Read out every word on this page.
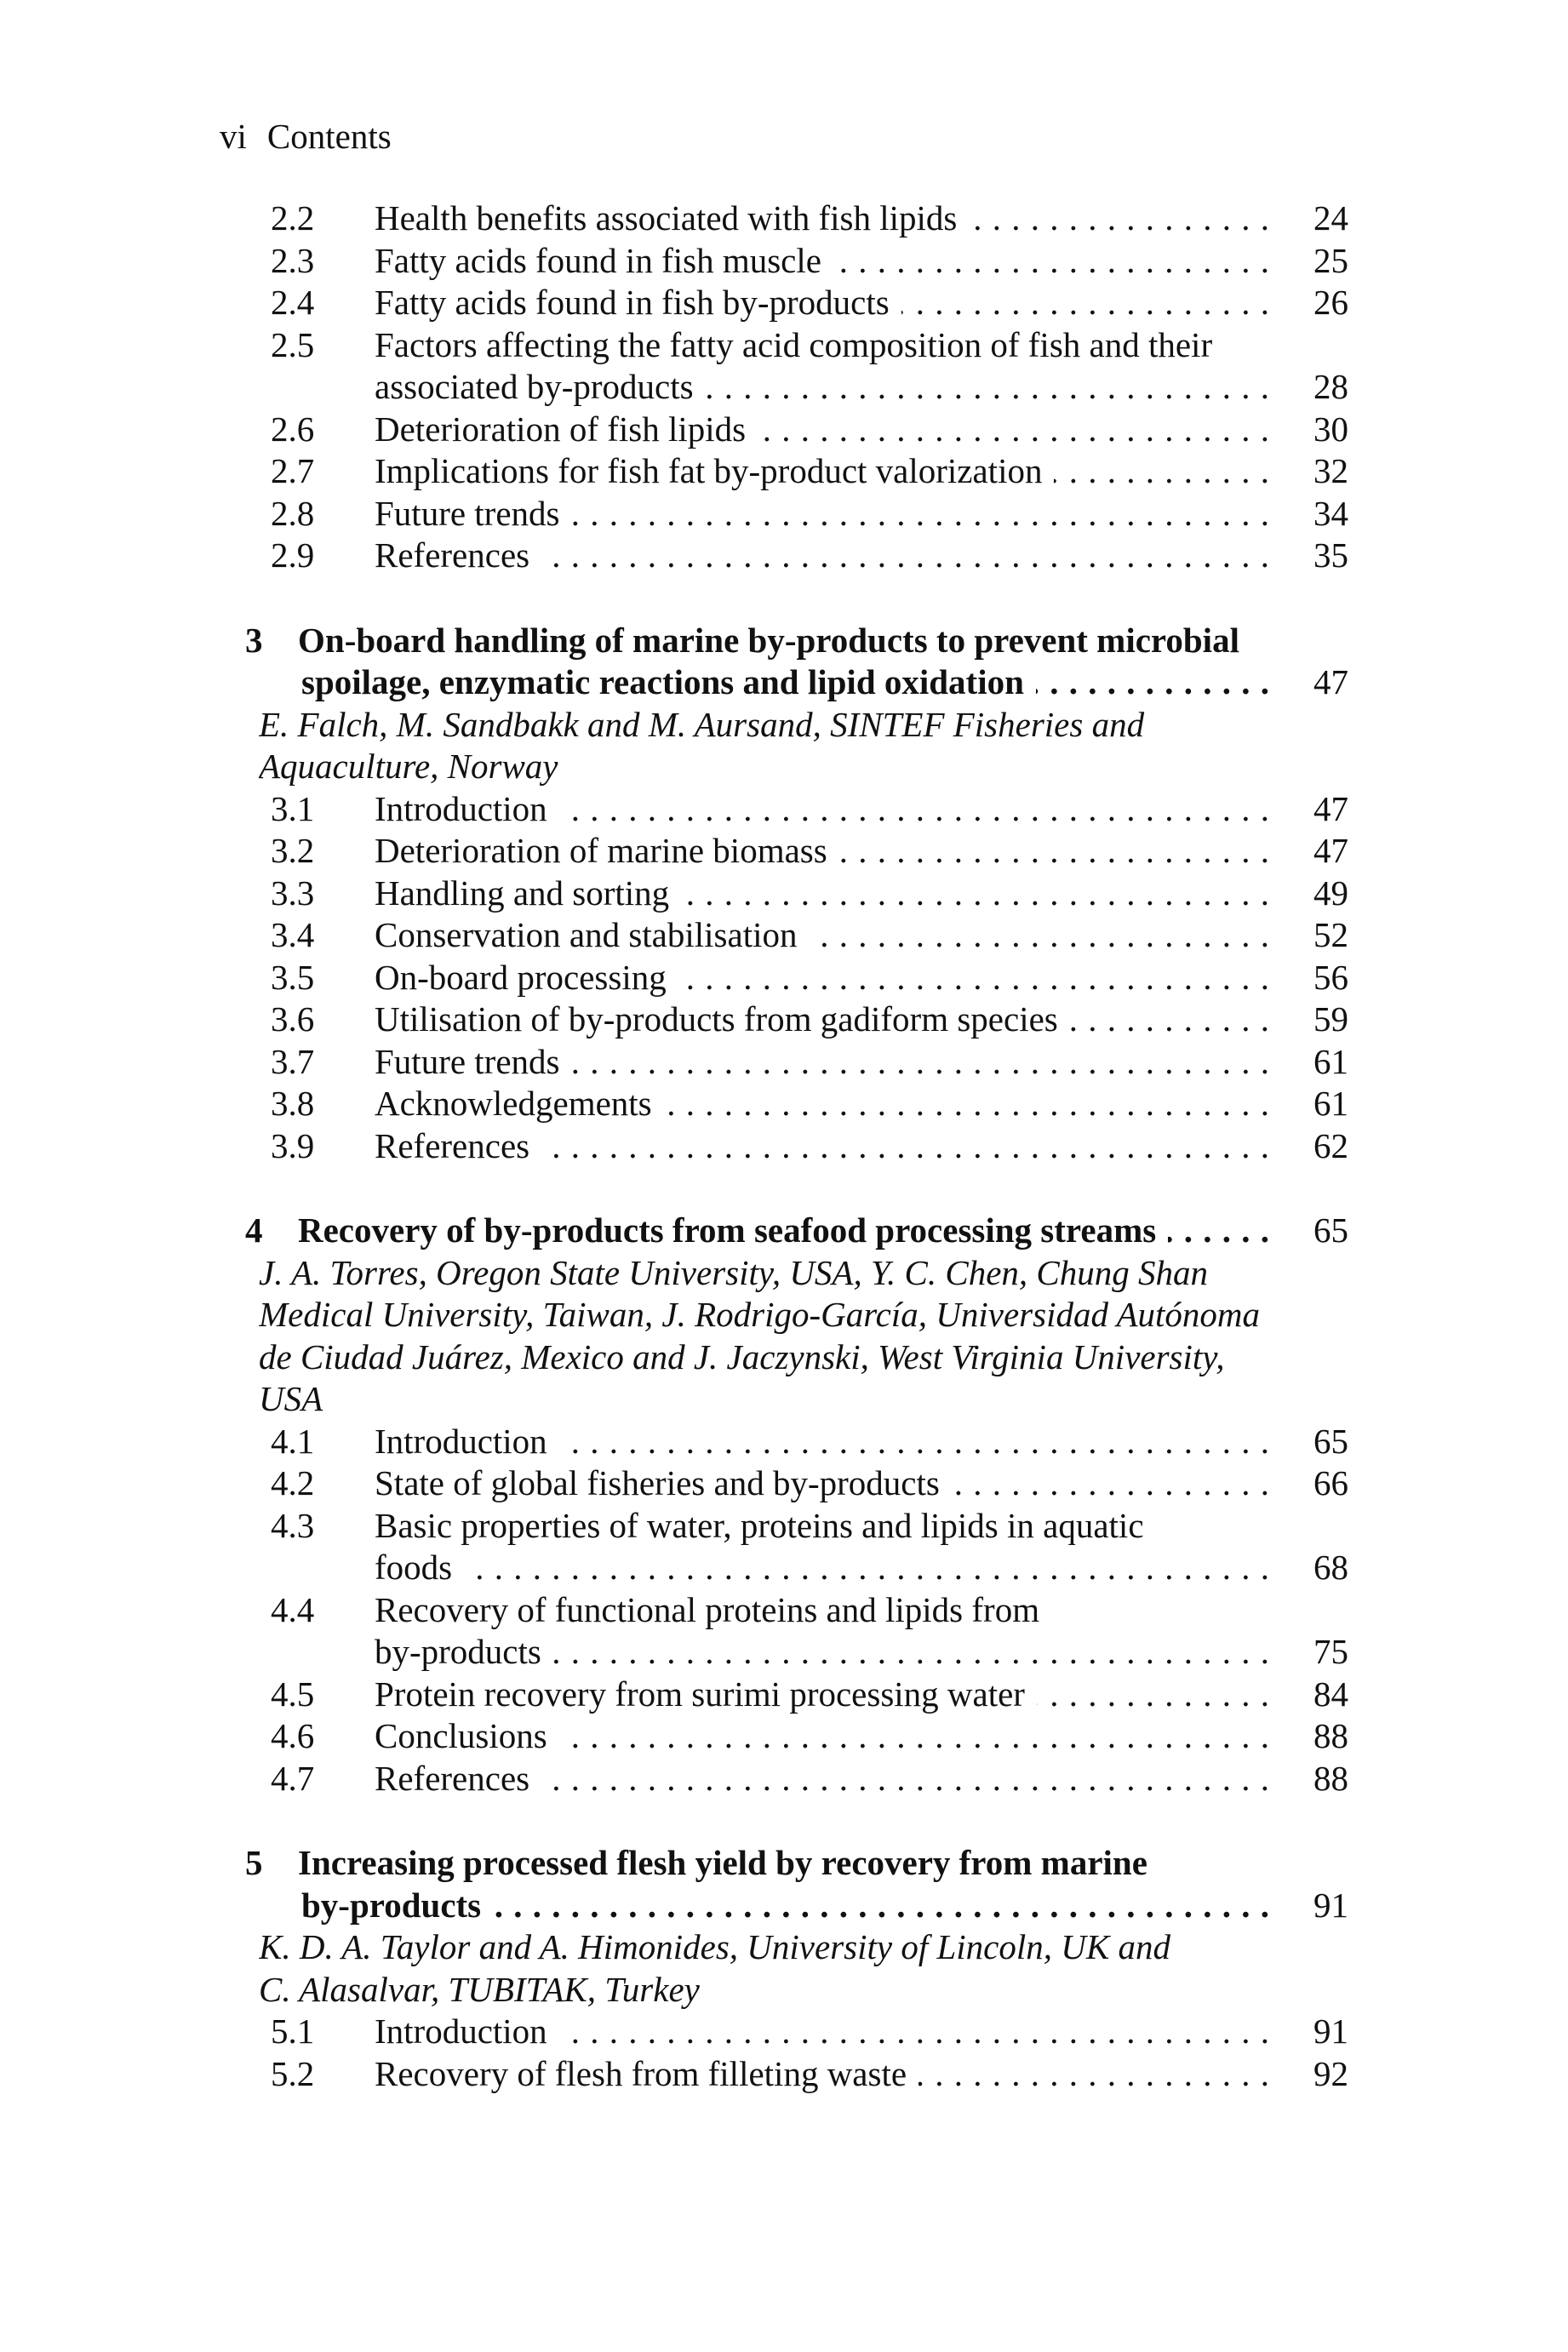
vi Contents
2.2 Health benefits associated with fish lipids . . .	24
2.3 Fatty acids found in fish muscle . . .	25
2.4 Fatty acids found in fish by-products . . .	26
2.5 Factors affecting the fatty acid composition of fish and their
associated by-products . . .	28
2.6 Deterioration of fish lipids . . .	30
2.7 Implications for fish fat by-product valorization . . .	32
2.8 Future trends . . .	34
2.9 References . . .	35
3 On-board handling of marine by-products to prevent microbial
spoilage, enzymatic reactions and lipid oxidation . . .	47
E. Falch, M. Sandbakk and M. Aursand, SINTEF Fisheries and
Aquaculture, Norway
3.1 Introduction . . .	47
3.2 Deterioration of marine biomass . . .	47
3.3 Handling and sorting . . .	49
3.4 Conservation and stabilisation . . .	52
3.5 On-board processing . . .	56
3.6 Utilisation of by-products from gadiform species . . .	59
3.7 Future trends . . .	61
3.8 Acknowledgements . . .	61
3.9 References . . .	62
4 Recovery of by-products from seafood processing streams . . .	65
J. A. Torres, Oregon State University, USA, Y. C. Chen, Chung Shan
Medical University, Taiwan, J. Rodrigo-García, Universidad Autónoma
de Ciudad Juárez, Mexico and J. Jaczynski, West Virginia University,
USA
4.1 Introduction . . .	65
4.2 State of global fisheries and by-products . . .	66
4.3 Basic properties of water, proteins and lipids in aquatic
foods . . .	68
4.4 Recovery of functional proteins and lipids from
by-products . . .	75
4.5 Protein recovery from surimi processing water . . .	84
4.6 Conclusions . . .	88
4.7 References . . .	88
5 Increasing processed flesh yield by recovery from marine
by-products . . .	91
K. D. A. Taylor and A. Himonides, University of Lincoln, UK and
C. Alasalvar, TUBITAK, Turkey
5.1 Introduction . . .	91
5.2 Recovery of flesh from filleting waste . . .	92
